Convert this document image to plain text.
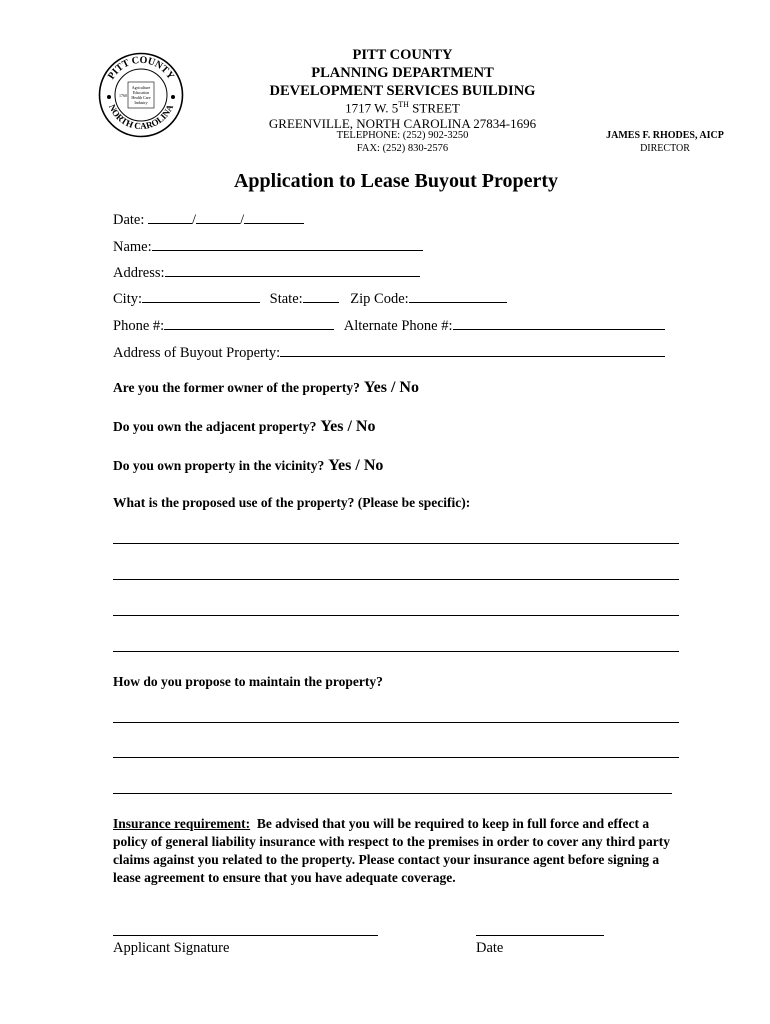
PITT COUNTY
NORTH CAROLINA
Agriculture
Education
Health Care
Industry
1760
PITT COUNTY
PLANNING DEPARTMENT
DEVELOPMENT SERVICES BUILDING
1717 W. 5TH STREET
GREENVILLE, NORTH CAROLINA 27834-1696
TELEPHONE: (252) 902-3250
FAX: (252) 830-2576
JAMES F. RHODES, AICP
DIRECTOR
Application to Lease Buyout Property
Date:	/	/
Name:
Address:
City:	State:	Zip Code:
Phone #:	Alternate Phone #:
Address of Buyout Property:
Are you the former owner of the property? Yes / No
Do you own the adjacent property? Yes / No
Do you own property in the vicinity? Yes / No
What is the proposed use of the property? (Please be specific):
How do you propose to maintain the property?
Insurance requirement: Be advised that you will be required to keep in full force and effect a policy of general liability insurance with respect to the premises in order to cover any third party claims against you related to the property. Please contact your insurance agent before signing a lease agreement to ensure that you have adequate coverage.
Applicant Signature	Date
